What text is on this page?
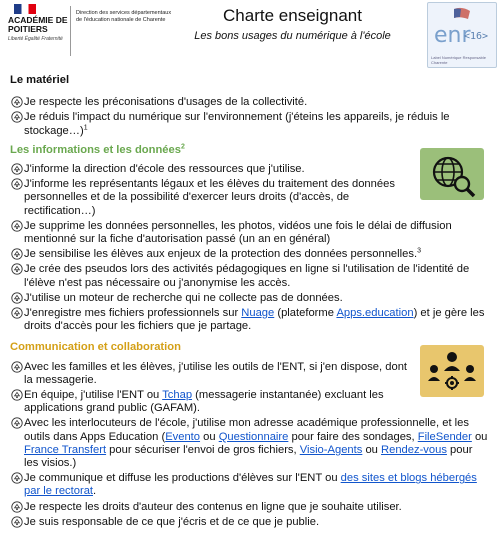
ACADÉMIE DE POITIERS
Liberté Égalité Fraternité
Direction des services départementaux de l'éducation nationale de Charente	Charte enseignant
Les bons usages du numérique à l'école	enr
<16>
Label Numérique Responsable Charente
Le matériel
Je respecte les préconisations d'usages de la collectivité.
Je réduis l'impact du numérique sur l'environnement (j'éteins les appareils, je réduis le stockage…)$^1$
Les informations et les données$^2$
J'informe la direction d'école des ressources que j'utilise.
J'informe les représentants légaux et les élèves du traitement des données personnelles et de la possibilité d'exercer leurs droits (d'accès, de rectification…)
Je supprime les données personnelles, les photos, vidéos une fois le délai de diffusion mentionné sur la fiche d'autorisation passé (un an en général)
Je sensibilise les élèves aux enjeux de la protection des données personnelles.$^3$
Je crée des pseudos lors des activités pédagogiques en ligne si l'utilisation de l'identité de l'élève n'est pas nécessaire ou j'anonymise les accès.
J'utilise un moteur de recherche qui ne collecte pas de données.
J'enregistre mes fichiers professionnels sur Nuage (plateforme Apps.education) et je gère les droits d'accès pour les fichiers que je partage.
Communication et collaboration
Avec les familles et les élèves, j'utilise les outils de l'ENT, si j'en dispose, dont la messagerie.
En équipe, j'utilise l'ENT ou Tchap (messagerie instantanée) excluant les applications grand public (GAFAM).
Avec les interlocuteurs de l'école, j'utilise mon adresse académique professionnelle, et les outils dans Apps Education (Evento ou Questionnaire pour faire des sondages, FileSender ou France Transfert pour sécuriser l'envoi de gros fichiers, Visio-Agents ou Rendez-vous pour les visios.)
Je communique et diffuse les productions d'élèves sur l'ENT ou des sites et blogs hébergés par le rectorat.
Je respecte les droits d'auteur des contenus en ligne que je souhaite utiliser.
Je suis responsable de ce que j'écris et de ce que je publie.
